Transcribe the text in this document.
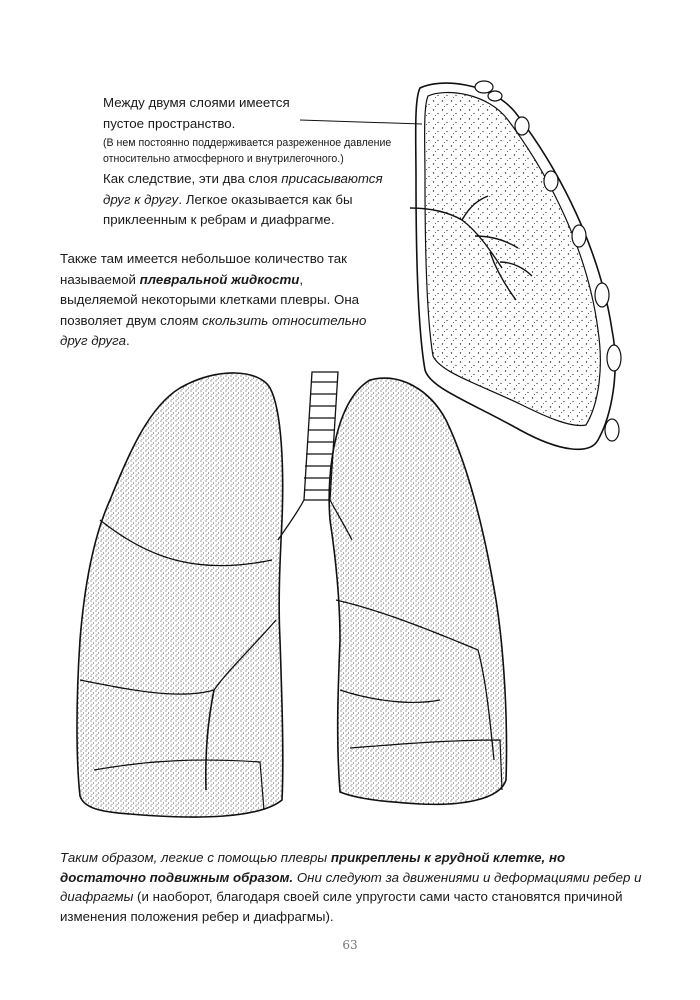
Между двумя слоями имеется
пустое пространство.
(В нем постоянно поддерживается разреженное давление относительно атмосферного и внутрилегочного.)
Как следствие, эти два слоя присасываются друг к другу. Легкое оказывается как бы приклеенным к ребрам и диафрагме.

Также там имеется небольшое количество так называемой плевральной жидкости, выделяемой некоторыми клетками плевры. Она позволяет двум слоям скользить относительно друг друга.

Таким образом, легкие с помощью плевры прикреплены к грудной клетке, но достаточно подвижным образом. Они следуют за движениями и деформациями ребер и диафрагмы (и наоборот, благодаря своей силе упругости сами часто становятся причиной изменения положения ребер и диафрагмы).

63
